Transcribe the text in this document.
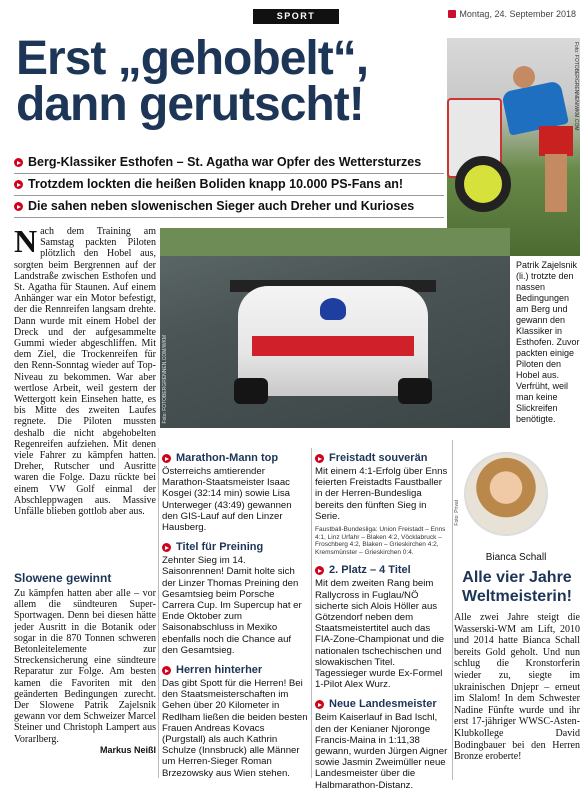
SPORT	Montag, 24. September 2018
Erst „gehobelt“,
dann gerutscht!
Berg-Klassiker Esthofen – St. Agatha war Opfer des Wettersturzes
Trotzdem lockten die heißen Boliden knapp 10.000 PS-Fans an!
Die sahen neben slowenischen Sieger auch Dreher und Kurioses
Foto: FOTOBERGRENNEN/WKM.COM
Patrik Zajelsnik (li.) trotzte den nassen Bedingungen am Berg und gewann den Klassiker in Esthofen. Zuvor packten einige Piloten den Hobel aus. Verfrüht, weil man keine Slickreifen benötigte.
Foto: FOTOBERGRENNEN.COM/WKM
Nach dem Training am Samstag packten Piloten plötzlich den Hobel aus, sorgten beim Bergrennen auf der Landstraße zwischen Esthofen und St. Agatha für Staunen. Auf einem Anhänger war ein Motor befestigt, der die Rennreifen langsam drehte. Dann wurde mit einem Hobel der Dreck und der aufgesammelte Gummi wieder abgeschliffen. Mit dem Ziel, die Trockenreifen für den Renn-Sonntag wieder auf Top-Niveau zu bekommen. War aber wertlose Arbeit, weil gestern der Wettergott kein Einsehen hatte, es bis Mitte des zweiten Laufes regnete. Die Piloten mussten deshalb die nicht abgehobelten Regenreifen aufziehen. Mit denen viele Fahrer zu kämpfen hatten. Dreher, Rutscher und Ausritte waren die Folge. Dazu rückte bei einem VW Golf einmal der Abschleppwagen aus. Massive Unfälle blieben gottlob aber aus.
Slowene gewinnt
Zu kämpfen hatten aber alle – vor allem die sündteuren Super-Sportwagen. Denn bei diesen hätte jeder Ausritt in die Botanik oder sogar in die 870 Tonnen schweren Betonleitelemente zur Streckensicherung eine sündteure Reparatur zur Folge. Am besten kamen die Favoriten mit den geänderten Bedingungen zurecht. Der Slowene Patrik Zajelsnik gewann vor dem Schweizer Marcel Steiner und Christoph Lampert aus Vorarlberg.
Markus Neißl
Marathon-Mann top

Österreichs amtierender Marathon-Staatsmeister Isaac Kosgei (32:14 min) sowie Lisa Unterweger (43:49) gewannen den GIS-Lauf auf den Linzer Hausberg.

Titel für Preining

Zehnter Sieg im 14. Saisonrennen! Damit holte sich der Linzer Thomas Preining den Gesamtsieg beim Porsche Carrera Cup. Im Supercup hat er Ende Oktober zum Saisonabschluss in Mexiko ebenfalls noch die Chance auf den Gesamtsieg.

Herren hinterher

Das gibt Spott für die Herren! Bei den Staatsmeisterschaften im Gehen über 20 Kilometer in Redlham ließen die beiden besten Frauen Andreas Kovacs (Purgstall) als auch Kathrin Schulze (Innsbruck) alle Männer um Herren-Sieger Roman Brzezowsky aus Wien stehen.

Freistadt souverän

Mit einem 4:1-Erfolg über Enns feierten Freistadts Faustballer in der Herren-Bundesliga bereits den fünften Sieg in Serie.

Faustball-Bundesliga: Union Freistadt – Enns 4:1, Linz Urfahr – Blaken 4:2, Vöcklabruck – Froschberg 4:2, Blaken – Grieskirchen 4:2, Kremsmünster – Grieskirchen 0:4.
2. Platz – 4 Titel

Mit dem zweiten Rang beim Rallycross in Fuglau/NÖ sicherte sich Alois Höller aus Götzendorf neben dem Staatsmeistertitel auch das FIA-Zone-Championat und die nationalen tschechischen und slowakischen Titel. Tagessieger wurde Ex-Formel 1-Pilot Alex Wurz.

Neue Landesmeister

Beim Kaiserlauf in Bad Ischl, den der Kenianer Njoronge Francis-Maina in 1:11,38 gewann, wurden Jürgen Aigner sowie Jasmin Zweimüller neue Landesmeister über die Halbmarathon-Distanz.

Foto: Privat
Bianca Schall
Alle vier Jahre Weltmeisterin!
Alle zwei Jahre steigt die Wasserski-WM am Lift, 2010 und 2014 hatte Bianca Schall bereits Gold geholt. Und nun schlug die Kronstorferin wieder zu, siegte im ukrainischen Dnjepr – erneut im Slalom! In dem Schwester Nadine Fünfte wurde und ihr erst 17-jähriger WWSC-Asten-Klubkollege David Bodingbauer bei den Herren Bronze eroberte!
